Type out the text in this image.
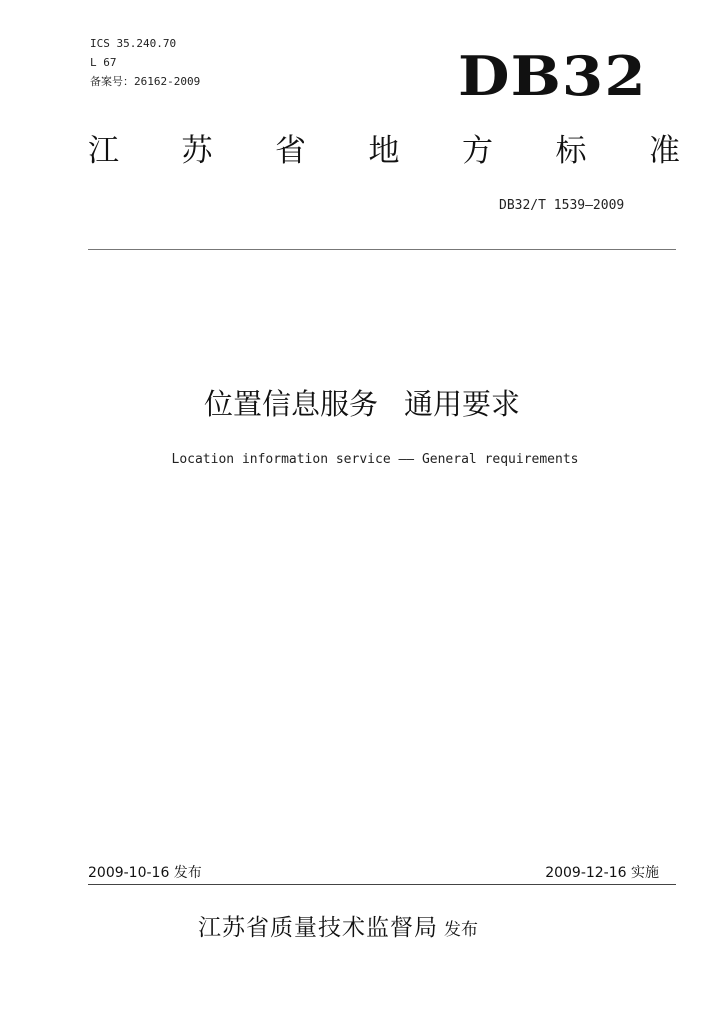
ICS 35.240.70
L 67
备案号：26162-2009	DB32
江 苏 省 地 方 标 准
DB32/T 1539—2009
位置信息服务 通用要求
Location information service —— General requirements
2009-10-16 发布	2009-12-16 实施
江苏省质量技术监督局 发布
